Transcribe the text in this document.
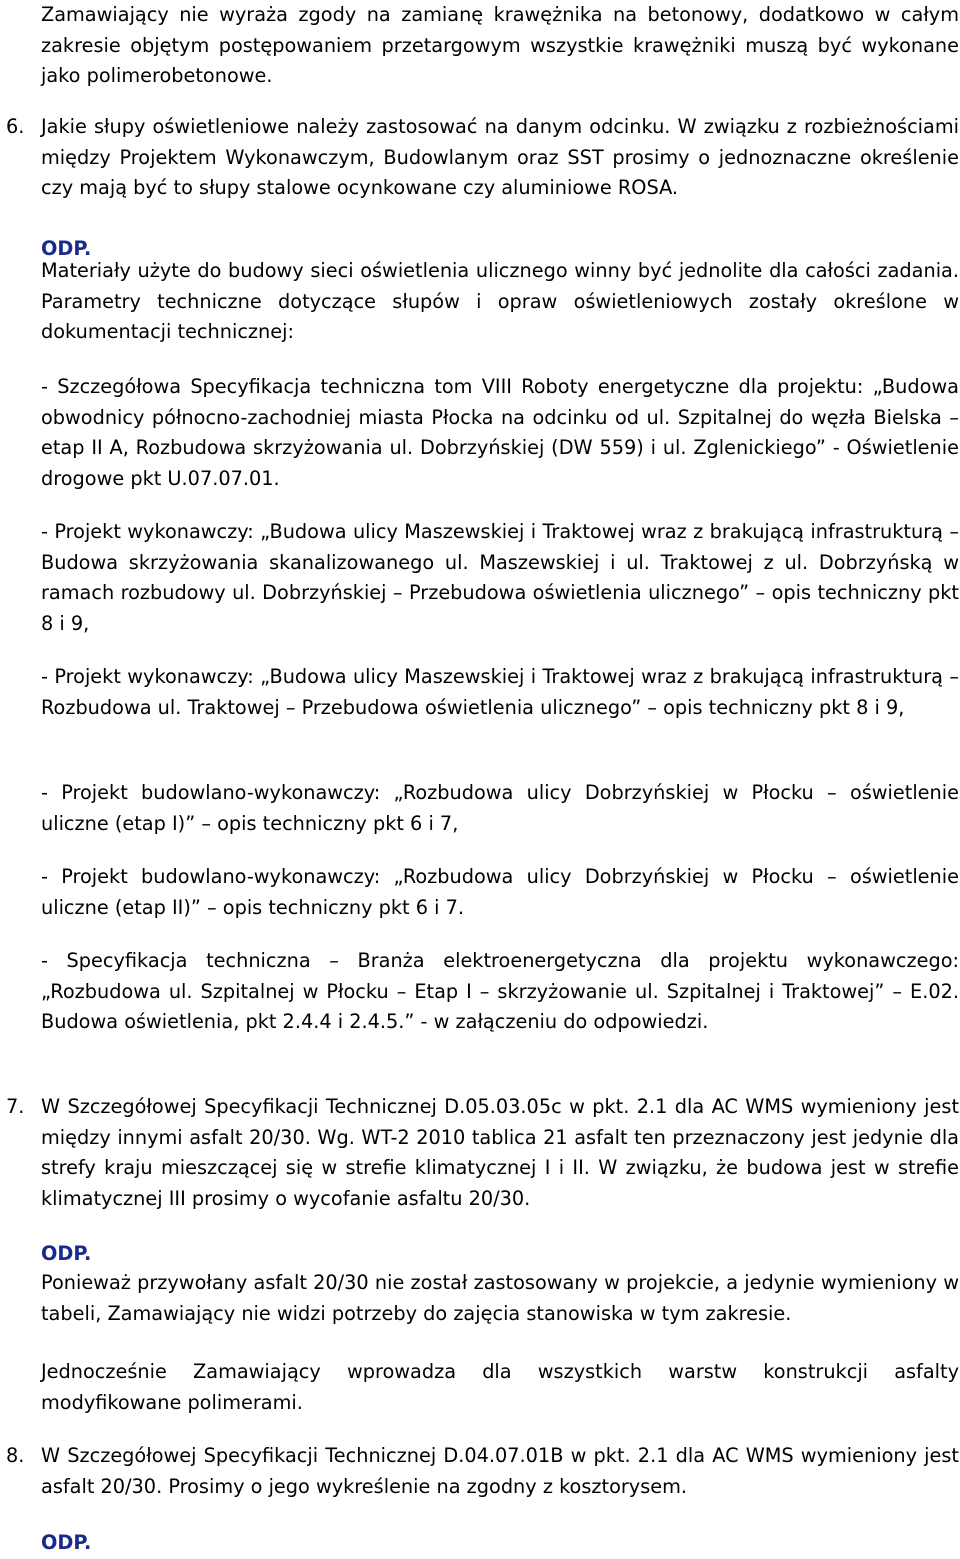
Zamawiający nie wyraża zgody na zamianę krawężnika na betonowy, dodatkowo w całym zakresie objętym postępowaniem przetargowym wszystkie krawężniki muszą być wykonane jako polimerobetonowe.

6. Jakie słupy oświetleniowe należy zastosować na danym odcinku. W związku z rozbieżnościami między Projektem Wykonawczym, Budowlanym oraz SST prosimy o jednoznaczne określenie czy mają być to słupy stalowe ocynkowane czy aluminiowe ROSA.

ODP.

Materiały użyte do budowy sieci oświetlenia ulicznego winny być jednolite dla całości zadania. Parametry techniczne dotyczące słupów i opraw oświetleniowych zostały określone w dokumentacji technicznej:

- Szczegółowa Specyfikacja techniczna tom VIII Roboty energetyczne dla projektu: „Budowa obwodnicy północno-zachodniej miasta Płocka na odcinku od ul. Szpitalnej do węzła Bielska – etap II A, Rozbudowa skrzyżowania ul. Dobrzyńskiej (DW 559) i ul. Zglenickiego” - Oświetlenie drogowe pkt U.07.07.01.

- Projekt wykonawczy: „Budowa ulicy Maszewskiej i Traktowej wraz z brakującą infrastrukturą – Budowa skrzyżowania skanalizowanego ul. Maszewskiej i ul. Traktowej z ul. Dobrzyńską w ramach rozbudowy ul. Dobrzyńskiej – Przebudowa oświetlenia ulicznego” – opis techniczny pkt 8 i 9,

- Projekt wykonawczy: „Budowa ulicy Maszewskiej i Traktowej wraz z brakującą infrastrukturą – Rozbudowa ul. Traktowej – Przebudowa oświetlenia ulicznego” – opis techniczny pkt 8 i 9,

- Projekt budowlano-wykonawczy: „Rozbudowa ulicy Dobrzyńskiej w Płocku – oświetlenie uliczne (etap I)” – opis techniczny pkt 6 i 7,

- Projekt budowlano-wykonawczy: „Rozbudowa ulicy Dobrzyńskiej w Płocku – oświetlenie uliczne (etap II)” – opis techniczny pkt 6 i 7.

- Specyfikacja techniczna – Branża elektroenergetyczna dla projektu wykonawczego: „Rozbudowa ul. Szpitalnej w Płocku – Etap I – skrzyżowanie ul. Szpitalnej i Traktowej” – E.02. Budowa oświetlenia, pkt 2.4.4 i 2.4.5.” - w załączeniu do odpowiedzi.

7. W Szczegółowej Specyfikacji Technicznej D.05.03.05c w pkt. 2.1 dla AC WMS wymieniony jest między innymi asfalt 20/30. Wg. WT-2 2010 tablica 21 asfalt ten przeznaczony jest jedynie dla strefy kraju mieszczącej się w strefie klimatycznej I i II. W związku, że budowa jest w strefie klimatycznej III prosimy o wycofanie asfaltu 20/30.

ODP.

Ponieważ przywołany asfalt 20/30 nie został zastosowany w projekcie, a jedynie wymieniony w tabeli, Zamawiający nie widzi potrzeby do zajęcia stanowiska w tym zakresie.

Jednocześnie Zamawiający wprowadza dla wszystkich warstw konstrukcji asfalty modyfikowane polimerami.

8. W Szczegółowej Specyfikacji Technicznej D.04.07.01B w pkt. 2.1 dla AC WMS wymieniony jest asfalt 20/30. Prosimy o jego wykreślenie na zgodny z kosztorysem.

ODP.
